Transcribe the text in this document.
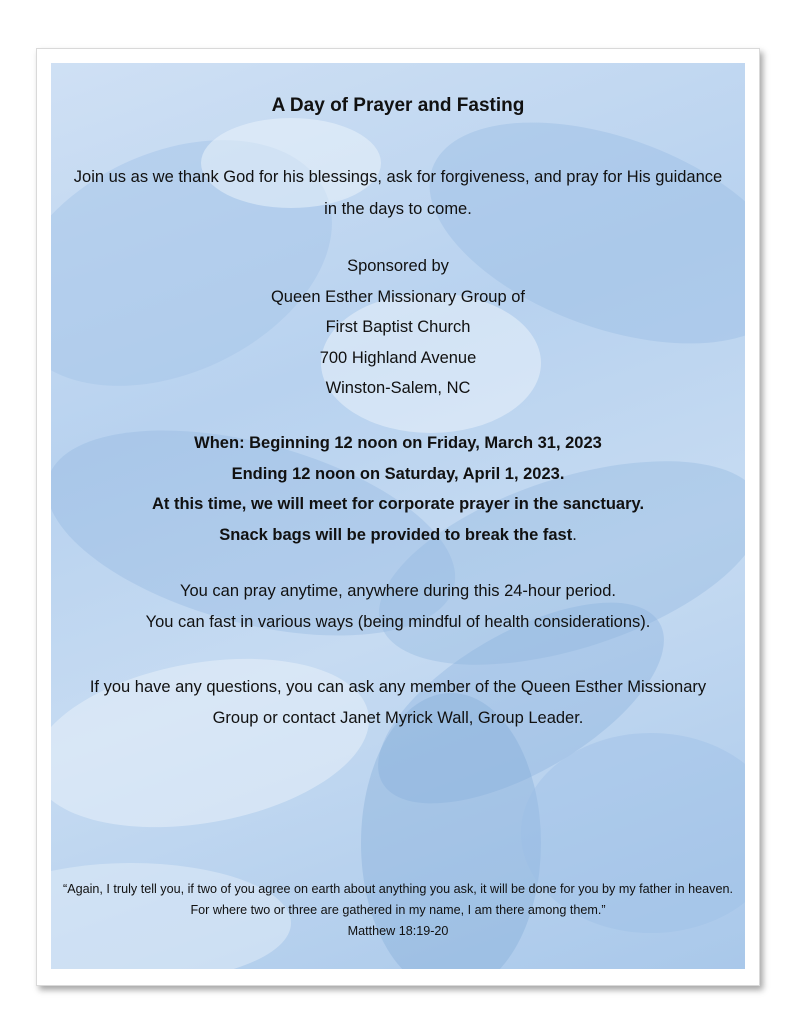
A Day of Prayer and Fasting
Join us as we thank God for his blessings, ask for forgiveness, and pray for His guidance in the days to come.
Sponsored by
Queen Esther Missionary Group of
First Baptist Church
700 Highland Avenue
Winston-Salem, NC
When: Beginning 12 noon on Friday, March 31, 2023
Ending 12 noon on Saturday, April 1, 2023.
At this time, we will meet for corporate prayer in the sanctuary.
Snack bags will be provided to break the fast.
You can pray anytime, anywhere during this 24-hour period.
You can fast in various ways (being mindful of health considerations).
If you have any questions, you can ask any member of the Queen Esther Missionary Group or contact Janet Myrick Wall, Group Leader.
“Again, I truly tell you, if two of you agree on earth about anything you ask, it will be done for you by my father in heaven. For where two or three are gathered in my name, I am there among them.”
Matthew 18:19-20
